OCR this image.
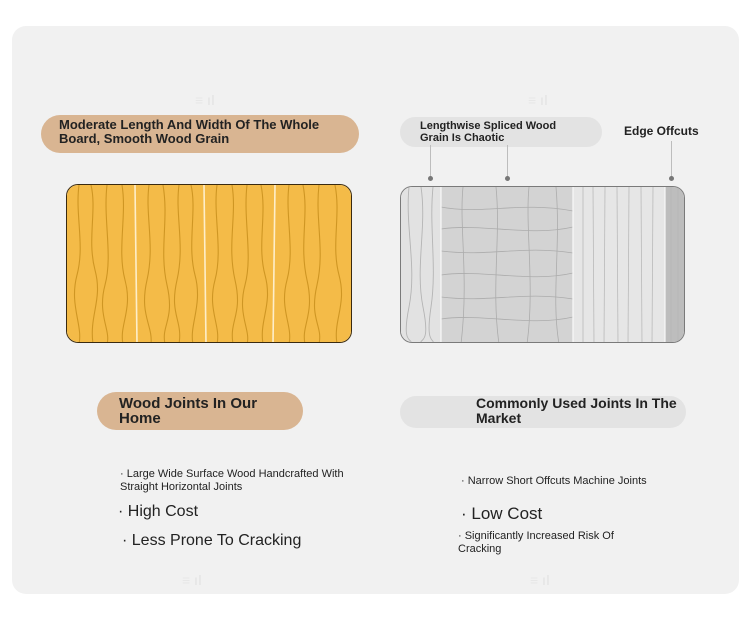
Moderate Length And Width Of The Whole Board, Smooth Wood Grain
Wood Joints In Our Home
· Large Wide Surface Wood Handcrafted With Straight Horizontal Joints
· High Cost
· Less Prone To Cracking
Lengthwise Spliced Wood Grain Is Chaotic	Edge Offcuts
Commonly Used Joints In The Market
· Narrow Short Offcuts Machine Joints
· Low Cost
· Significantly Increased Risk Of Cracking
